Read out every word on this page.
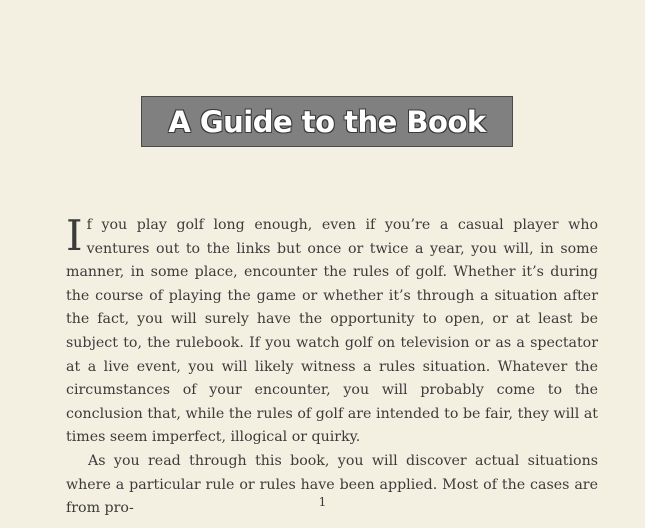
A Guide to the Book

If you play golf long enough, even if you’re a casual player who ventures out to the links but once or twice a year, you will, in some manner, in some place, encounter the rules of golf. Whether it’s during the course of playing the game or whether it’s through a situation after the fact, you will surely have the opportunity to open, or at least be subject to, the rulebook. If you watch golf on television or as a spectator at a live event, you will likely witness a rules situation. Whatever the circumstances of your encounter, you will probably come to the conclusion that, while the rules of golf are intended to be fair, they will at times seem imperfect, illogical or quirky.

As you read through this book, you will discover actual situations where a particular rule or rules have been applied. Most of the cases are from pro-	1
